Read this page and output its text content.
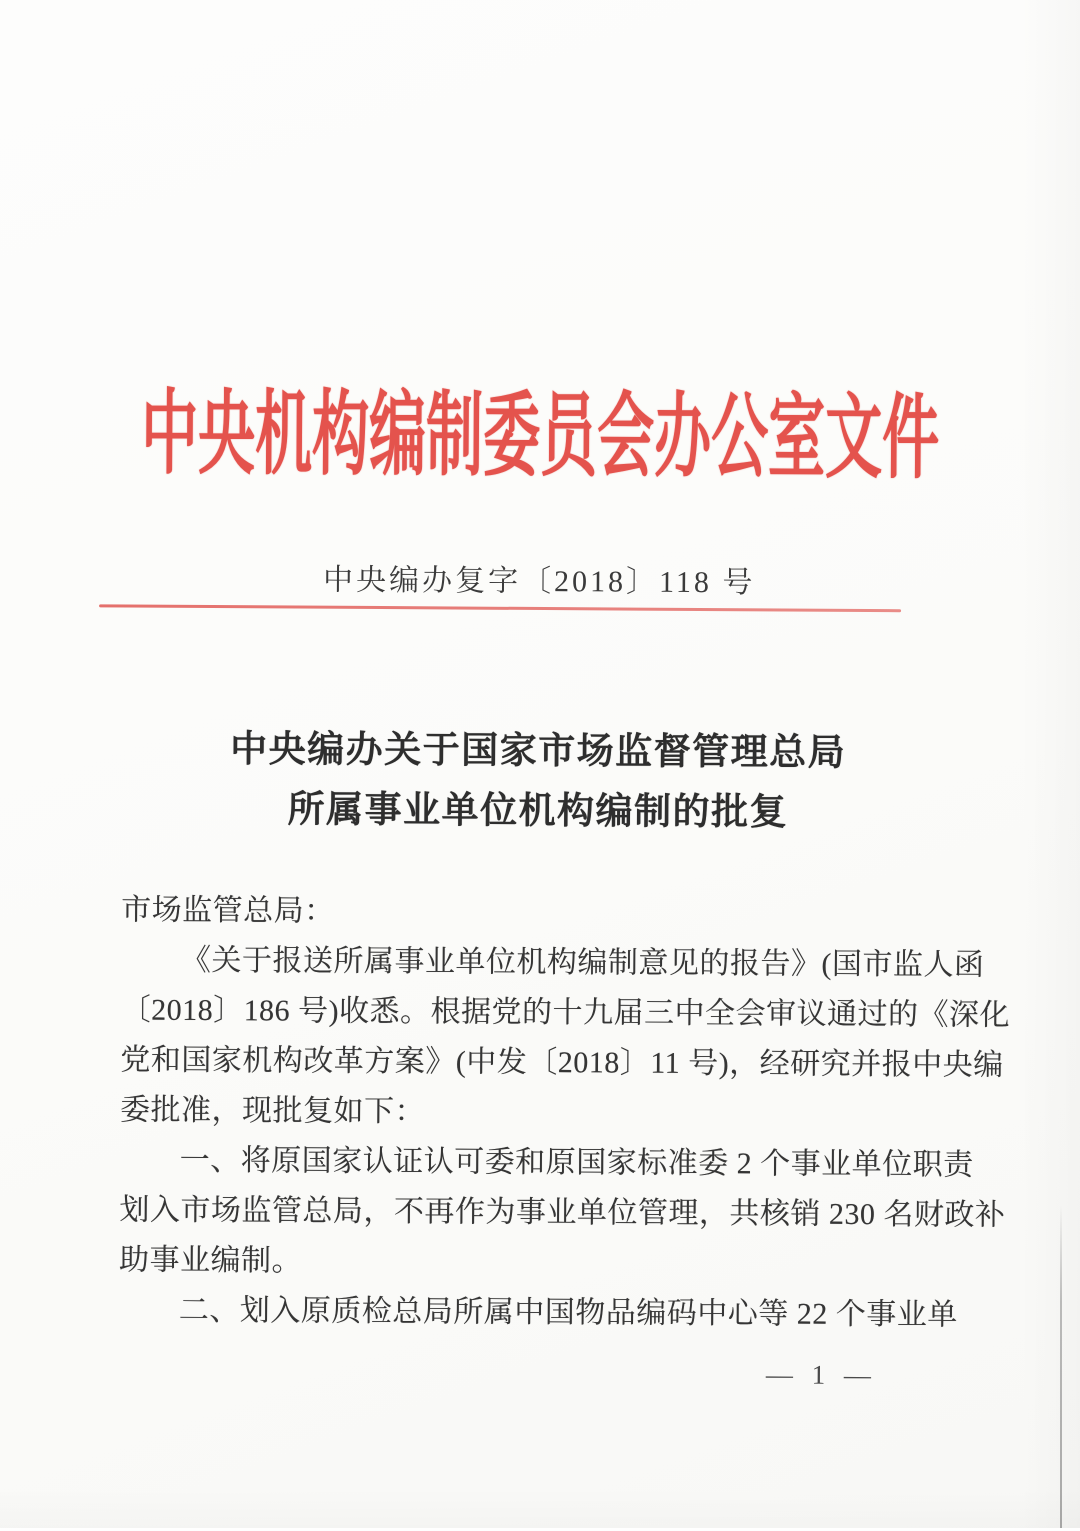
中央机构编制委员会办公室文件
中央编办复字〔2018〕118 号
中央编办关于国家市场监督管理总局
所属事业单位机构编制的批复
市场监管总局：
《关于报送所属事业单位机构编制意见的报告》(国市监人函
〔2018〕186 号)收悉。根据党的十九届三中全会审议通过的《深化
党和国家机构改革方案》(中发〔2018〕11 号)，经研究并报中央编
委批准，现批复如下：
一、将原国家认证认可委和原国家标准委 2 个事业单位职责
划入市场监管总局，不再作为事业单位管理，共核销 230 名财政补
助事业编制。
二、划入原质检总局所属中国物品编码中心等 22 个事业单
— 1 —
